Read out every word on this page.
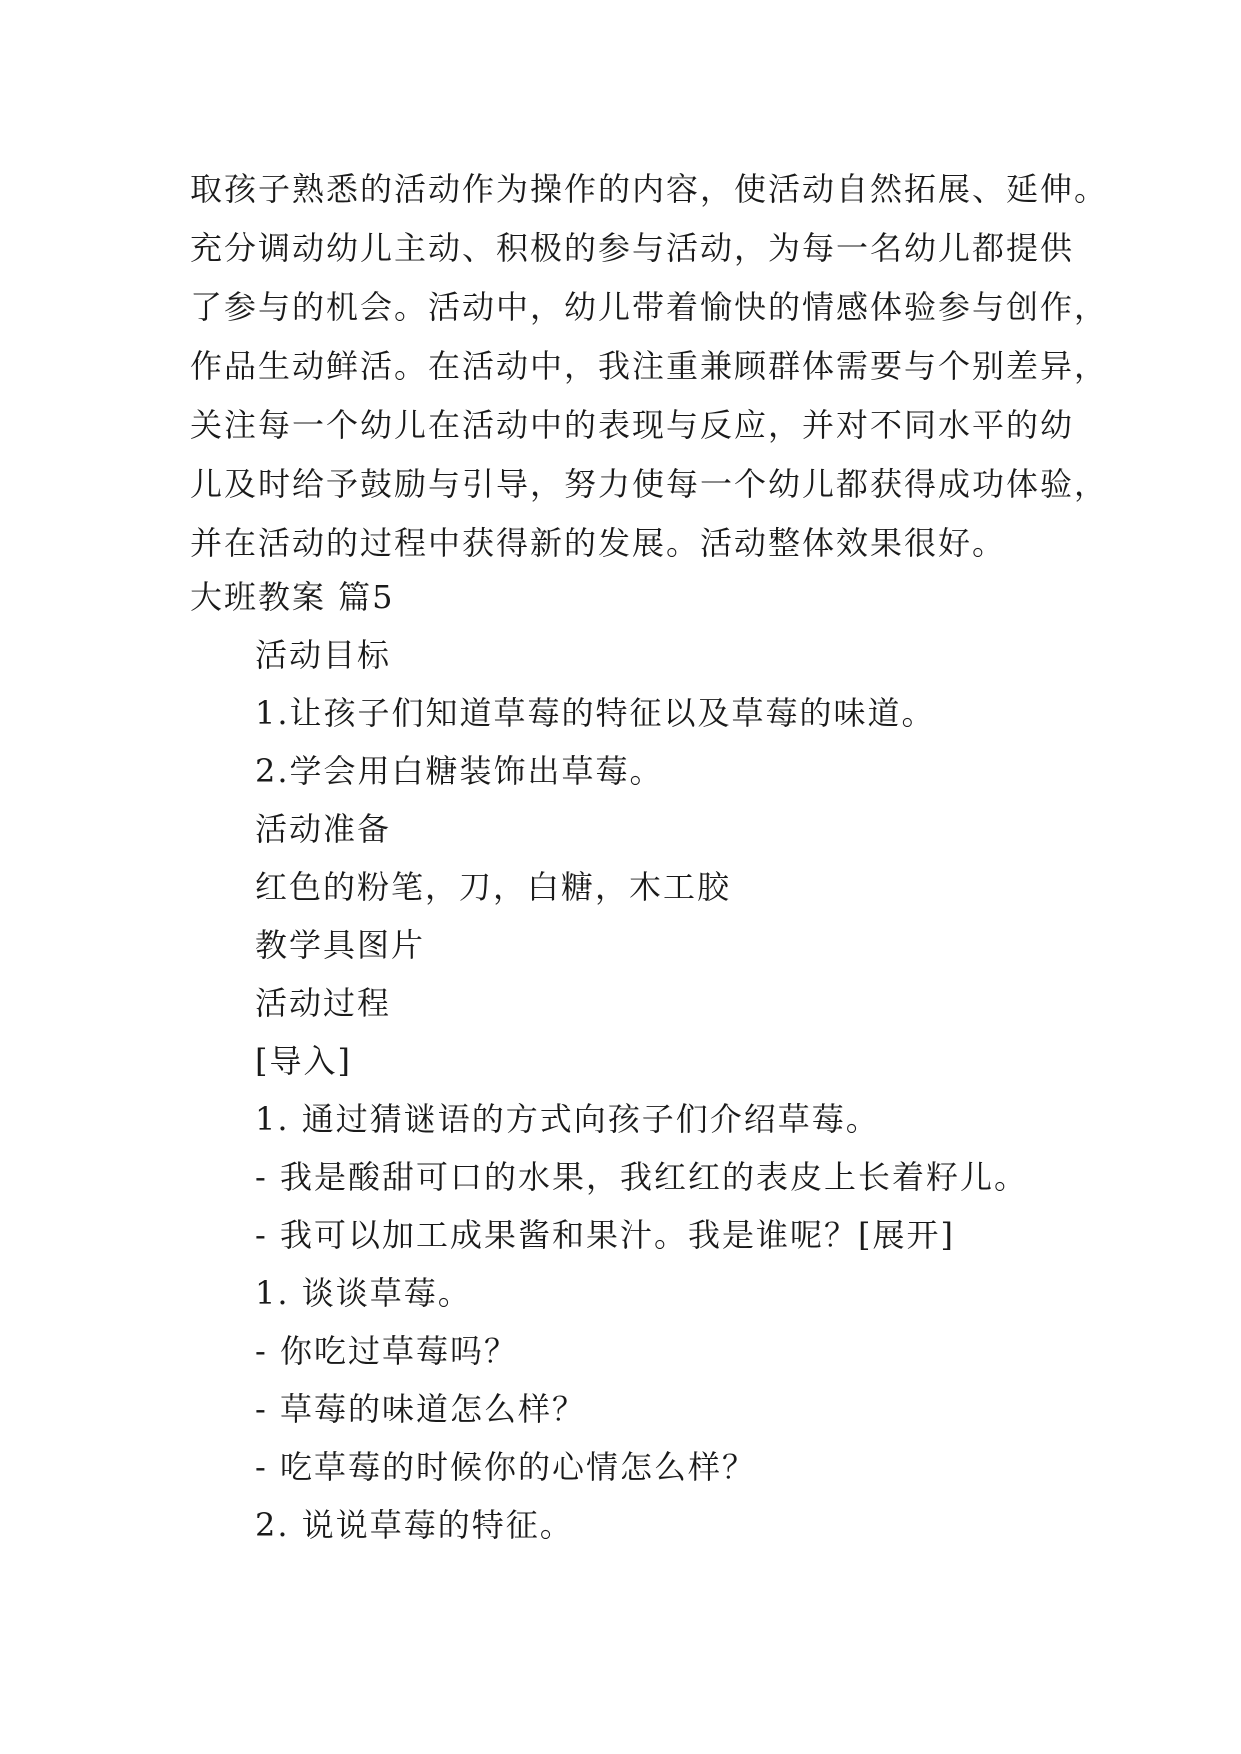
取孩子熟悉的活动作为操作的内容，使活动自然拓展、延伸。
充分调动幼儿主动、积极的参与活动，为每一名幼儿都提供
了参与的机会。活动中，幼儿带着愉快的情感体验参与创作，
作品生动鲜活。在活动中，我注重兼顾群体需要与个别差异，
关注每一个幼儿在活动中的表现与反应，并对不同水平的幼
儿及时给予鼓励与引导，努力使每一个幼儿都获得成功体验，
并在活动的过程中获得新的发展。活动整体效果很好。
大班教案 篇5
活动目标
1.让孩子们知道草莓的特征以及草莓的味道。
2.学会用白糖装饰出草莓。
活动准备
红色的粉笔，刀，白糖，木工胶
教学具图片
活动过程
[导入]
1. 通过猜谜语的方式向孩子们介绍草莓。
- 我是酸甜可口的水果，我红红的表皮上长着籽儿。
- 我可以加工成果酱和果汁。我是谁呢？[展开]
1. 谈谈草莓。
- 你吃过草莓吗？
- 草莓的味道怎么样？
- 吃草莓的时候你的心情怎么样？
2. 说说草莓的特征。
